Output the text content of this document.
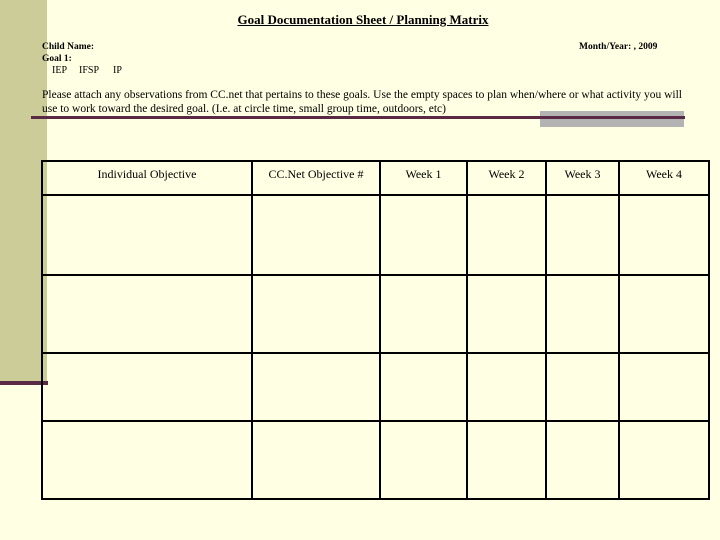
Goal Documentation Sheet / Planning Matrix
Child Name:	Month/Year: , 2009
Goal 1:
IEP IFSP IP
Please attach any observations from CC.net that pertains to these goals. Use the empty spaces to plan when/where or what activity you will use to work toward the desired goal. (I.e. at circle time, small group time, outdoors, etc)
Individual Objective	CC.Net Objective #	Week 1	Week 2	Week 3	Week 4
